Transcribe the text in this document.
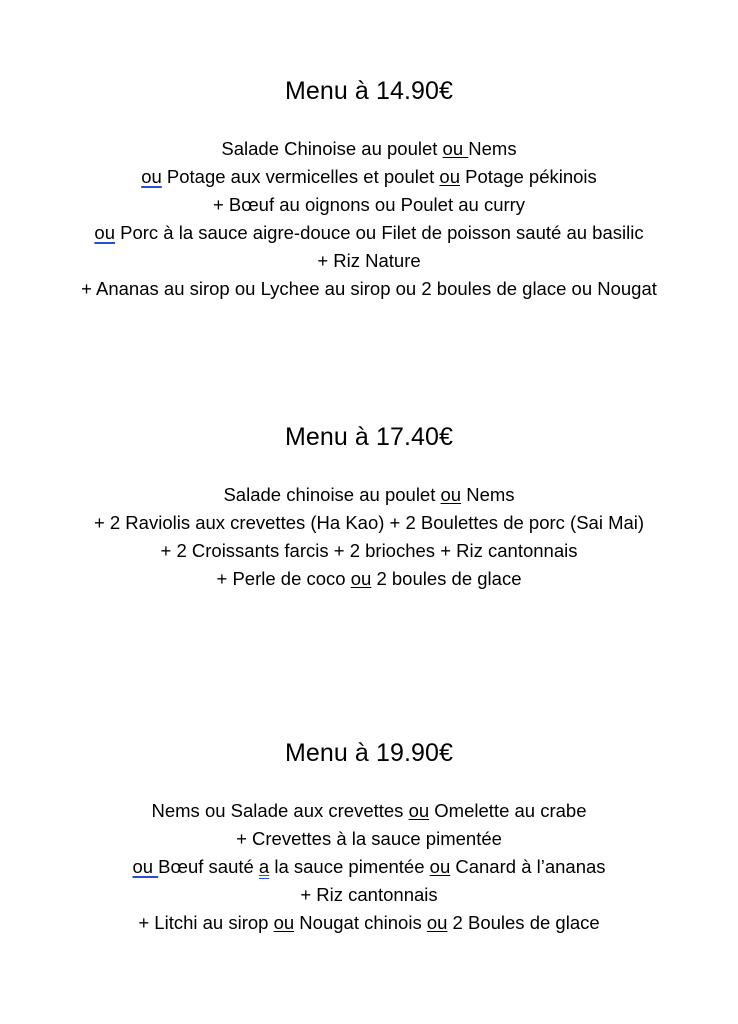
Menu à 14.90€
Salade Chinoise au poulet ou Nems
ou Potage aux vermicelles et poulet ou Potage pékinois
+ Bœuf au oignons ou Poulet au curry
ou Porc à la sauce aigre-douce ou Filet de poisson sauté au basilic
+ Riz Nature
+ Ananas au sirop ou Lychee au sirop ou 2 boules de glace ou Nougat
Menu à 17.40€
Salade chinoise au poulet ou Nems
+ 2 Raviolis aux crevettes (Ha Kao) + 2 Boulettes de porc (Sai Mai)
+ 2 Croissants farcis + 2 brioches + Riz cantonnais
+ Perle de coco ou 2 boules de glace
Menu à 19.90€
Nems ou Salade aux crevettes ou Omelette au crabe
+ Crevettes à la sauce pimentée
ou Bœuf sauté a la sauce pimentée ou Canard à l’ananas
+ Riz cantonnais
+ Litchi au sirop ou Nougat chinois ou 2 Boules de glace
